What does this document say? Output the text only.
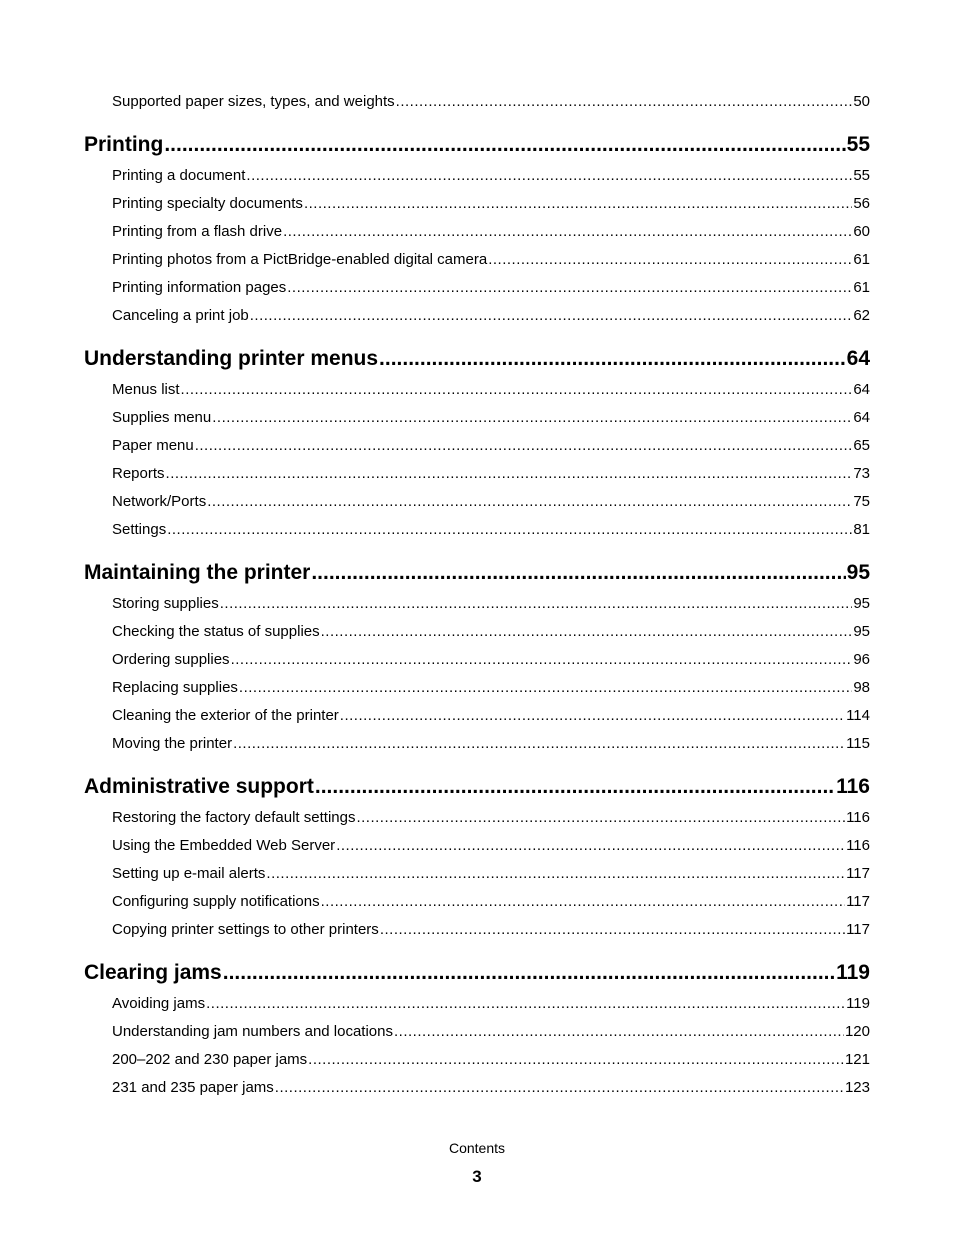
Supported paper sizes, types, and weights .....	50
Printing .....	55
Printing a document .....	55
Printing specialty documents .....	56
Printing from a flash drive .....	60
Printing photos from a PictBridge-enabled digital camera .....	61
Printing information pages .....	61
Canceling a print job .....	62
Understanding printer menus .....	64
Menus list .....	64
Supplies menu .....	64
Paper menu .....	65
Reports .....	73
Network/Ports .....	75
Settings .....	81
Maintaining the printer .....	95
Storing supplies .....	95
Checking the status of supplies .....	95
Ordering supplies .....	96
Replacing supplies .....	98
Cleaning the exterior of the printer .....	114
Moving the printer .....	115
Administrative support .....	116
Restoring the factory default settings .....	116
Using the Embedded Web Server .....	116
Setting up e-mail alerts .....	117
Configuring supply notifications .....	117
Copying printer settings to other printers .....	117
Clearing jams .....	119
Avoiding jams .....	119
Understanding jam numbers and locations .....	120
200–202 and 230 paper jams .....	121
231 and 235 paper jams .....	123
Contents
3
